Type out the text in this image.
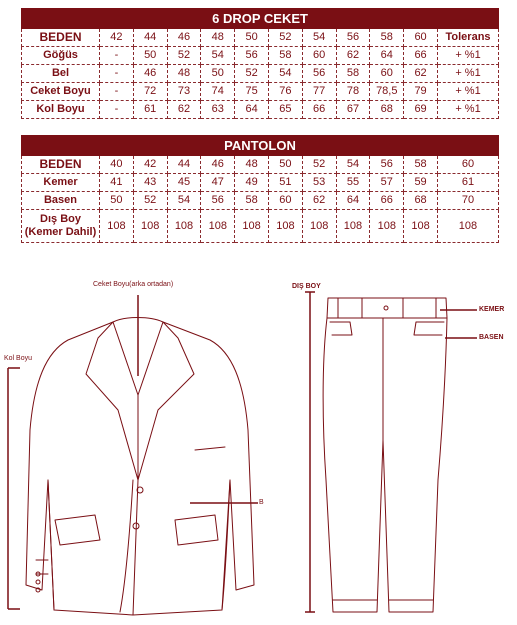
6 DROP CEKET											
BEDEN	42	44	46	48	50	52	54	56	58	60	Tolerans
Göğüs	-	50	52	54	56	58	60	62	64	66	+ %1
Bel	-	46	48	50	52	54	56	58	60	62	+ %1
Ceket Boyu	-	72	73	74	75	76	77	78	78,5	79	+ %1
Kol Boyu	-	61	62	63	64	65	66	67	68	69	+ %1
PANTOLON											
BEDEN	40	42	44	46	48	50	52	54	56	58	60
Kemer	41	43	45	47	49	51	53	55	57	59	61
Basen	50	52	54	56	58	60	62	64	66	68	70
Dış Boy
(Kemer Dahil)	108	108	108	108	108	108	108	108	108	108	108
Ceket Boyu(arka ortadan)
Kol Boyu
B
DIŞ BOY
KEMER
BASEN
